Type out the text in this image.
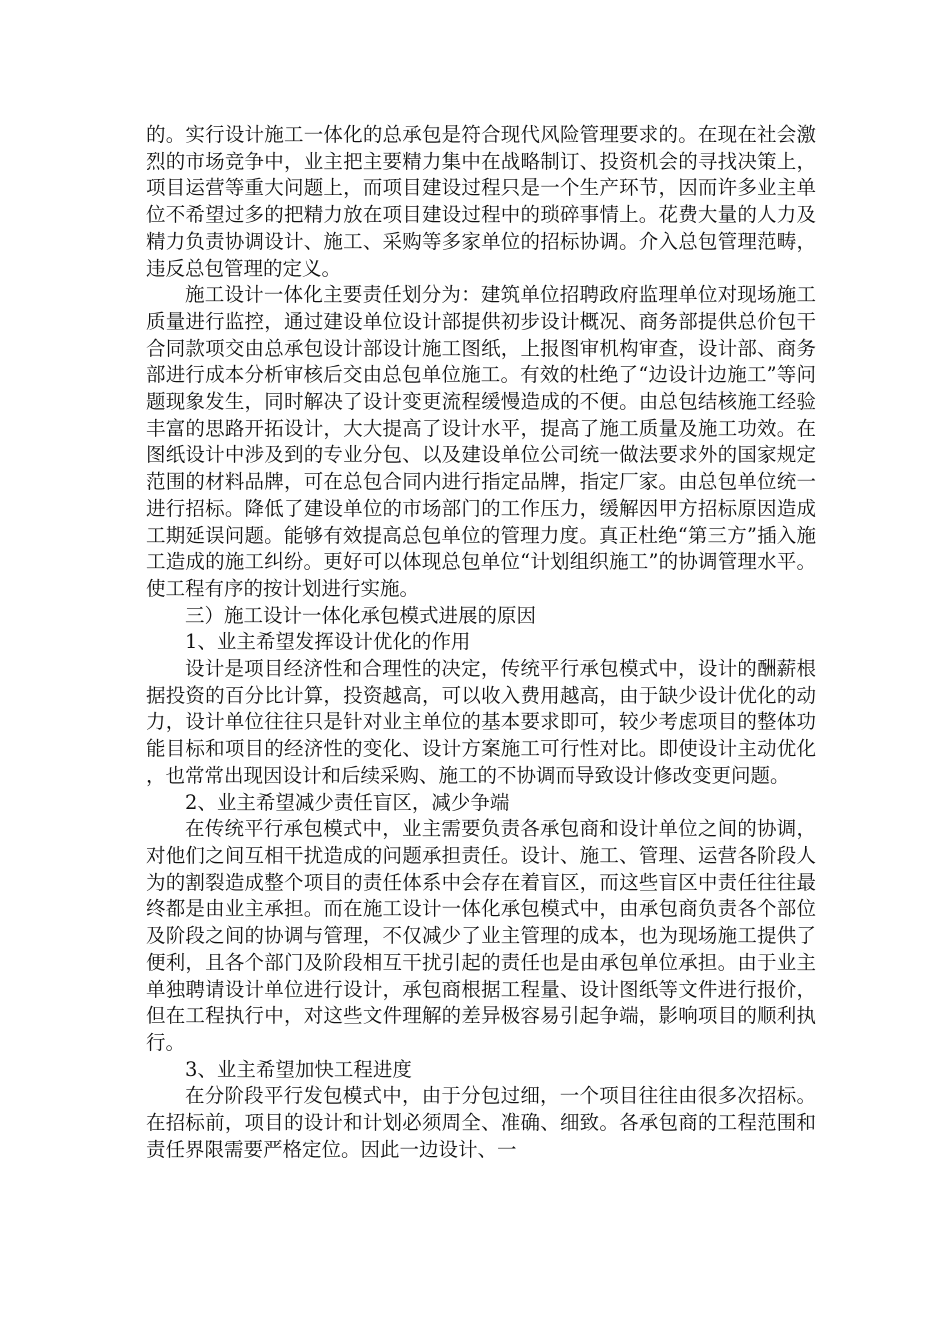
的。实行设计施工一体化的总承包是符合现代风险管理要求的。在现在社会激烈的市场竞争中，业主把主要精力集中在战略制订、投资机会的寻找决策上，项目运营等重大问题上，而项目建设过程只是一个生产环节，因而许多业主单位不希望过多的把精力放在项目建设过程中的琐碎事情上。花费大量的人力及精力负责协调设计、施工、采购等多家单位的招标协调。介入总包管理范畴，违反总包管理的定义。

施工设计一体化主要责任划分为：建筑单位招聘政府监理单位对现场施工质量进行监控，通过建设单位设计部提供初步设计概况、商务部提供总价包干合同款项交由总承包设计部设计施工图纸，上报图审机构审查，设计部、商务部进行成本分析审核后交由总包单位施工。有效的杜绝了“边设计边施工”等问题现象发生，同时解决了设计变更流程缓慢造成的不便。由总包结核施工经验丰富的思路开拓设计，大大提高了设计水平，提高了施工质量及施工功效。在图纸设计中涉及到的专业分包、以及建设单位公司统一做法要求外的国家规定范围的材料品牌，可在总包合同内进行指定品牌，指定厂家。由总包单位统一进行招标。降低了建设单位的市场部门的工作压力，缓解因甲方招标原因造成工期延误问题。能够有效提高总包单位的管理力度。真正杜绝“第三方”插入施工造成的施工纠纷。更好可以体现总包单位“计划组织施工”的协调管理水平。使工程有序的按计划进行实施。

三）施工设计一体化承包模式进展的原因

1、业主希望发挥设计优化的作用

设计是项目经济性和合理性的决定，传统平行承包模式中，设计的酬薪根据投资的百分比计算，投资越高，可以收入费用越高，由于缺少设计优化的动力，设计单位往往只是针对业主单位的基本要求即可，较少考虑项目的整体功能目标和项目的经济性的变化、设计方案施工可行性对比。即使设计主动优化，也常常出现因设计和后续采购、施工的不协调而导致设计修改变更问题。

2、业主希望减少责任盲区，减少争端

在传统平行承包模式中，业主需要负责各承包商和设计单位之间的协调，对他们之间互相干扰造成的问题承担责任。设计、施工、管理、运营各阶段人为的割裂造成整个项目的责任体系中会存在着盲区，而这些盲区中责任往往最终都是由业主承担。而在施工设计一体化承包模式中，由承包商负责各个部位及阶段之间的协调与管理，不仅减少了业主管理的成本，也为现场施工提供了便利，且各个部门及阶段相互干扰引起的责任也是由承包单位承担。由于业主单独聘请设计单位进行设计，承包商根据工程量、设计图纸等文件进行报价，但在工程执行中，对这些文件理解的差异极容易引起争端，影响项目的顺利执行。

3、业主希望加快工程进度

在分阶段平行发包模式中，由于分包过细，一个项目往往由很多次招标。在招标前，项目的设计和计划必须周全、准确、细致。各承包商的工程范围和责任界限需要严格定位。因此一边设计、一
